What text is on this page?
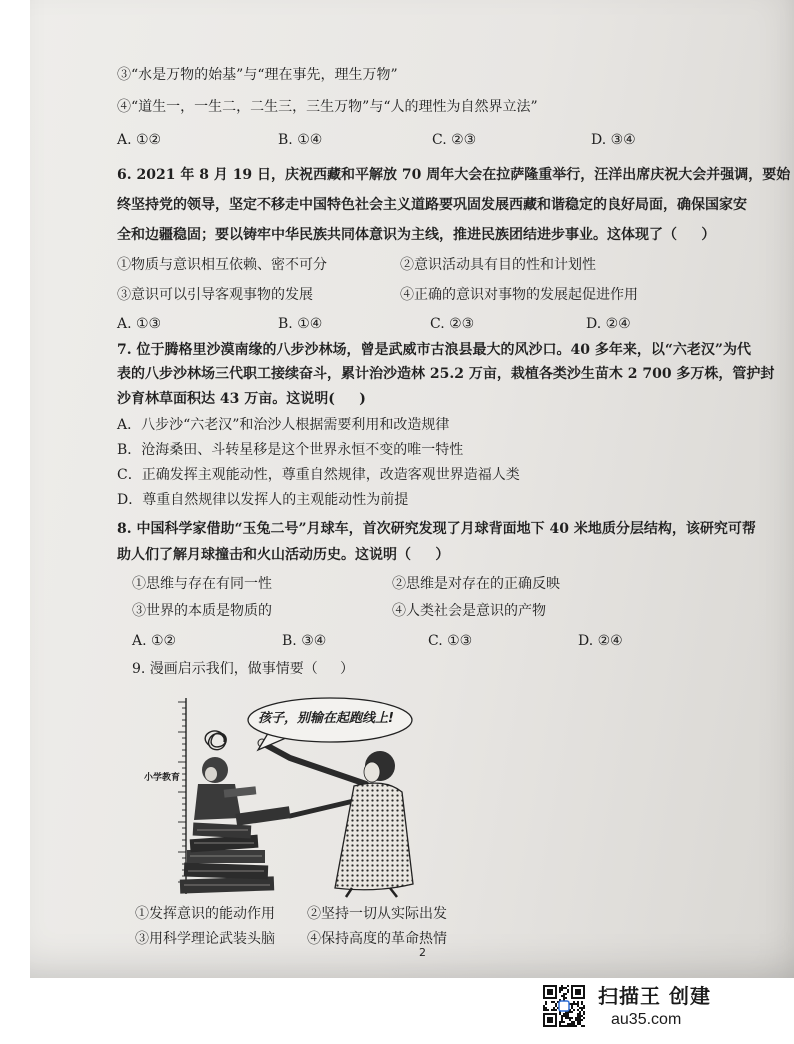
③“水是万物的始基”与“理在事先，理生万物”
④“道生一，一生二，二生三，三生万物”与“人的理性为自然界立法”
A. ①②	B. ①④	C. ②③	D. ③④
6. 2021 年 8 月 19 日，庆祝西藏和平解放 70 周年大会在拉萨隆重举行，汪洋出席庆祝大会并强调，要始
终坚持党的领导，坚定不移走中国特色社会主义道路要巩固发展西藏和谐稳定的良好局面，确保国家安
全和边疆稳固；要以铸牢中华民族共同体意识为主线，推进民族团结进步事业。这体现了（     ）
①物质与意识相互依赖、密不可分	②意识活动具有目的性和计划性
③意识可以引导客观事物的发展	④正确的意识对事物的发展起促进作用
A. ①③	B. ①④	C. ②③	D. ②④
7. 位于腾格里沙漠南缘的八步沙林场，曾是武威市古浪县最大的风沙口。40 多年来，以“六老汉”为代
表的八步沙林场三代职工接续奋斗，累计治沙造林 25.2 万亩，栽植各类沙生苗木 2 700 多万株，管护封
沙育林草面积达 43 万亩。这说明(     )
A．八步沙“六老汉”和治沙人根据需要利用和改造规律
B．沧海桑田、斗转星移是这个世界永恒不变的唯一特性
C．正确发挥主观能动性，尊重自然规律，改造客观世界造福人类
D．尊重自然规律以发挥人的主观能动性为前提
8. 中国科学家借助“玉兔二号”月球车，首次研究发现了月球背面地下 40 米地质分层结构，该研究可帮
助人们了解月球撞击和火山活动历史。这说明（     ）
①思维与存在有同一性	②思维是对存在的正确反映
③世界的本质是物质的	④人类社会是意识的产物
A. ①②	B. ③④	C. ①③	D. ②④
9. 漫画启示我们，做事情要（     ）
孩子，别输在起跑线上!
小学教育
①发挥意识的能动作用 ②坚持一切从实际出发
③用科学理论武装头脑 ④保持高度的革命热情
2
扫描王 创建
au35.com
